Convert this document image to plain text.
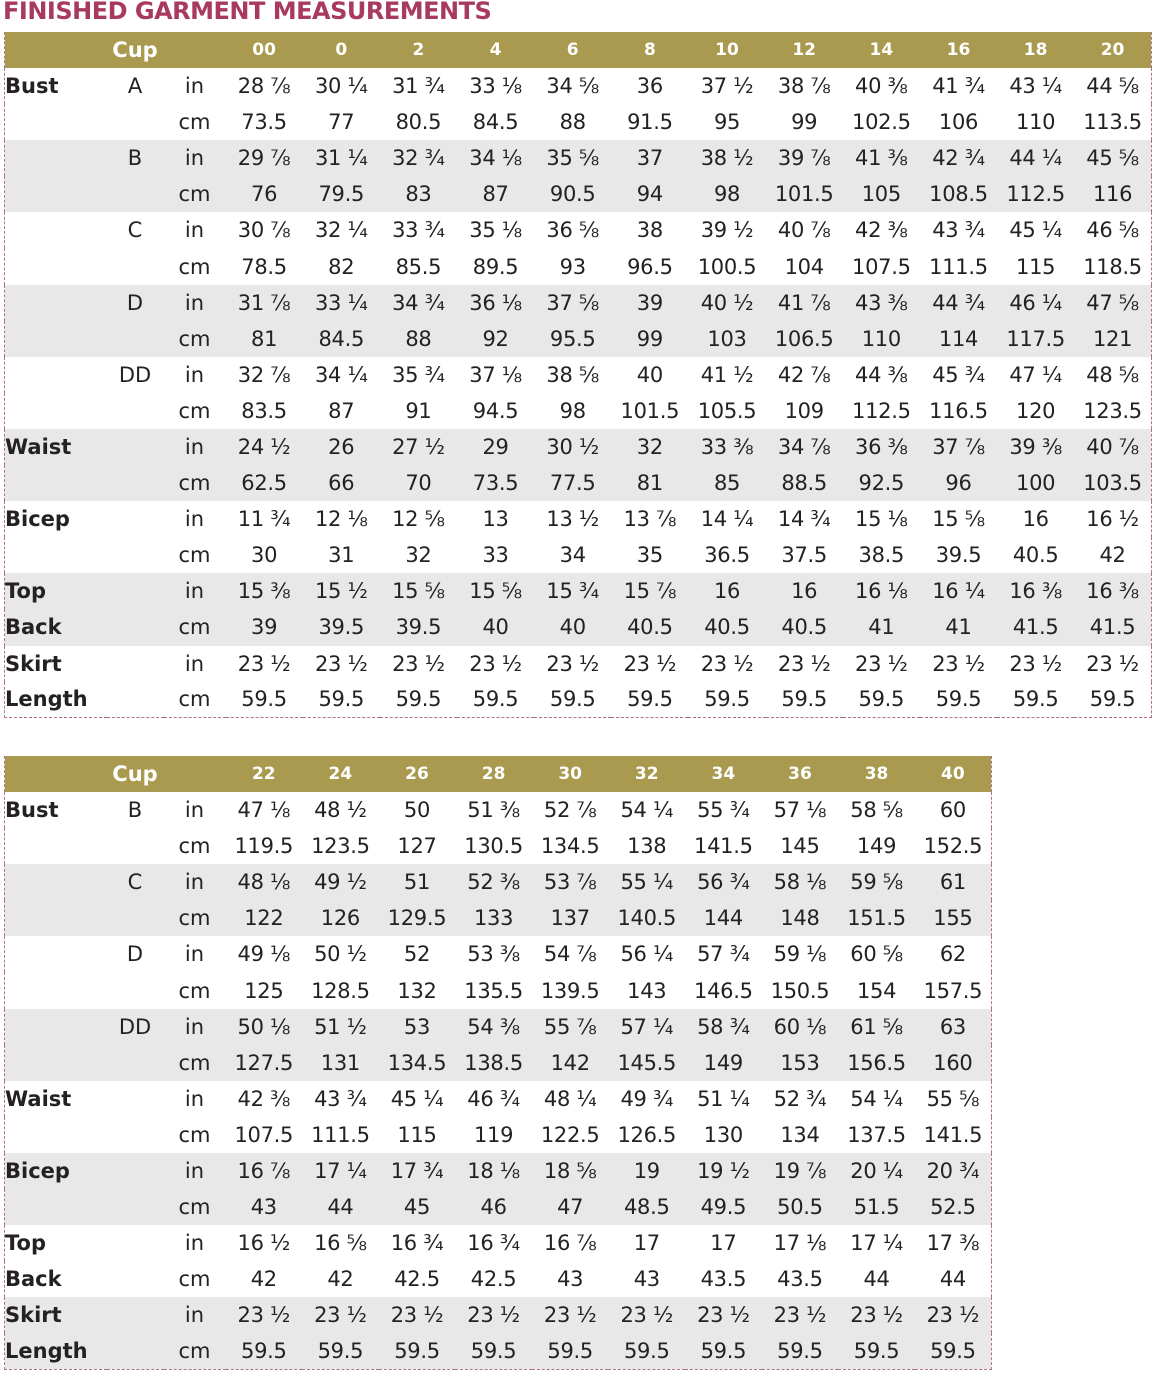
FINISHED GARMENT MEASUREMENTS
	Cup		00	0	2	4	6	8	10	12	14	16	18	20
Bust	A	in	28 ⅞	30 ¼	31 ¾	33 ⅛	34 ⅝	36	37 ½	38 ⅞	40 ⅜	41 ¾	43 ¼	44 ⅝
		cm	73.5	77	80.5	84.5	88	91.5	95	99	102.5	106	110	113.5
	B	in	29 ⅞	31 ¼	32 ¾	34 ⅛	35 ⅝	37	38 ½	39 ⅞	41 ⅜	42 ¾	44 ¼	45 ⅝
		cm	76	79.5	83	87	90.5	94	98	101.5	105	108.5	112.5	116
	C	in	30 ⅞	32 ¼	33 ¾	35 ⅛	36 ⅝	38	39 ½	40 ⅞	42 ⅜	43 ¾	45 ¼	46 ⅝
		cm	78.5	82	85.5	89.5	93	96.5	100.5	104	107.5	111.5	115	118.5
	D	in	31 ⅞	33 ¼	34 ¾	36 ⅛	37 ⅝	39	40 ½	41 ⅞	43 ⅜	44 ¾	46 ¼	47 ⅝
		cm	81	84.5	88	92	95.5	99	103	106.5	110	114	117.5	121
	DD	in	32 ⅞	34 ¼	35 ¾	37 ⅛	38 ⅝	40	41 ½	42 ⅞	44 ⅜	45 ¾	47 ¼	48 ⅝
		cm	83.5	87	91	94.5	98	101.5	105.5	109	112.5	116.5	120	123.5
Waist		in	24 ½	26	27 ½	29	30 ½	32	33 ⅜	34 ⅞	36 ⅜	37 ⅞	39 ⅜	40 ⅞
		cm	62.5	66	70	73.5	77.5	81	85	88.5	92.5	96	100	103.5
Bicep		in	11 ¾	12 ⅛	12 ⅝	13	13 ½	13 ⅞	14 ¼	14 ¾	15 ⅛	15 ⅝	16	16 ½
		cm	30	31	32	33	34	35	36.5	37.5	38.5	39.5	40.5	42
Top		in	15 ⅜	15 ½	15 ⅝	15 ⅝	15 ¾	15 ⅞	16	16	16 ⅛	16 ¼	16 ⅜	16 ⅜
Back		cm	39	39.5	39.5	40	40	40.5	40.5	40.5	41	41	41.5	41.5
Skirt		in	23 ½	23 ½	23 ½	23 ½	23 ½	23 ½	23 ½	23 ½	23 ½	23 ½	23 ½	23 ½
Length		cm	59.5	59.5	59.5	59.5	59.5	59.5	59.5	59.5	59.5	59.5	59.5	59.5
	Cup		22	24	26	28	30	32	34	36	38	40
Bust	B	in	47 ⅛	48 ½	50	51 ⅜	52 ⅞	54 ¼	55 ¾	57 ⅛	58 ⅝	60
		cm	119.5	123.5	127	130.5	134.5	138	141.5	145	149	152.5
	C	in	48 ⅛	49 ½	51	52 ⅜	53 ⅞	55 ¼	56 ¾	58 ⅛	59 ⅝	61
		cm	122	126	129.5	133	137	140.5	144	148	151.5	155
	D	in	49 ⅛	50 ½	52	53 ⅜	54 ⅞	56 ¼	57 ¾	59 ⅛	60 ⅝	62
		cm	125	128.5	132	135.5	139.5	143	146.5	150.5	154	157.5
	DD	in	50 ⅛	51 ½	53	54 ⅜	55 ⅞	57 ¼	58 ¾	60 ⅛	61 ⅝	63
		cm	127.5	131	134.5	138.5	142	145.5	149	153	156.5	160
Waist		in	42 ⅜	43 ¾	45 ¼	46 ¾	48 ¼	49 ¾	51 ¼	52 ¾	54 ¼	55 ⅝
		cm	107.5	111.5	115	119	122.5	126.5	130	134	137.5	141.5
Bicep		in	16 ⅞	17 ¼	17 ¾	18 ⅛	18 ⅝	19	19 ½	19 ⅞	20 ¼	20 ¾
		cm	43	44	45	46	47	48.5	49.5	50.5	51.5	52.5
Top		in	16 ½	16 ⅝	16 ¾	16 ¾	16 ⅞	17	17	17 ⅛	17 ¼	17 ⅜
Back		cm	42	42	42.5	42.5	43	43	43.5	43.5	44	44
Skirt		in	23 ½	23 ½	23 ½	23 ½	23 ½	23 ½	23 ½	23 ½	23 ½	23 ½
Length		cm	59.5	59.5	59.5	59.5	59.5	59.5	59.5	59.5	59.5	59.5
